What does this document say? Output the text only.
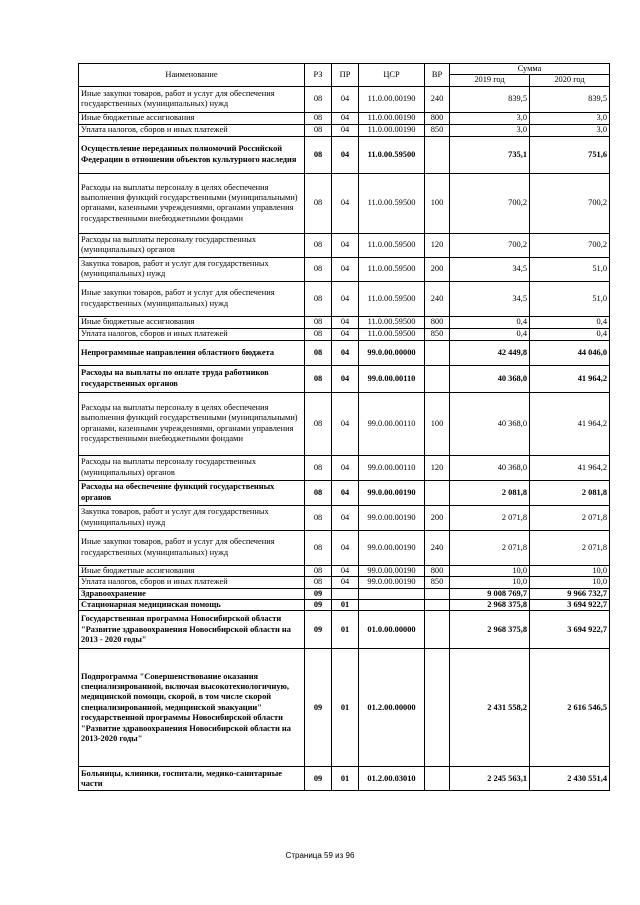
Наименование	РЗ	ПР	ЦСР	ВР	Сумма	
					2019 год	2020 год
Иные закупки товаров, работ и услуг для обеспечения государственных (муниципальных) нужд	08	04	11.0.00.00190	240	839,5	839,5
Иные бюджетные ассигнования	08	04	11.0.00.00190	800	3,0	3,0
Уплата налогов, сборов и иных платежей	08	04	11.0.00.00190	850	3,0	3,0
Осуществление переданных полномочий Российской Федерации в отношении объектов культурного наследия	08	04	11.0.00.59500		735,1	751,6
Расходы на выплаты персоналу в целях обеспечения выполнения функций государственными (муниципальными) органами, казенными учреждениями, органами управления государственными внебюджетными фондами	08	04	11.0.00.59500	100	700,2	700,2
Расходы на выплаты персоналу государственных (муниципальных) органов	08	04	11.0.00.59500	120	700,2	700,2
Закупка товаров, работ и услуг для государственных (муниципальных) нужд	08	04	11.0.00.59500	200	34,5	51,0
Иные закупки товаров, работ и услуг для обеспечения государственных (муниципальных) нужд	08	04	11.0.00.59500	240	34,5	51,0
Иные бюджетные ассигнования	08	04	11.0.00.59500	800	0,4	0,4
Уплата налогов, сборов и иных платежей	08	04	11.0.00.59500	850	0,4	0,4
Непрограммные направления областного бюджета	08	04	99.0.00.00000		42 449,8	44 046,0
Расходы на выплаты по оплате труда работников государственных органов	08	04	99.0.00.00110		40 368,0	41 964,2
Расходы на выплаты персоналу в целях обеспечения выполнения функций государственными (муниципальными) органами, казенными учреждениями, органами управления государственными внебюджетными фондами	08	04	99.0.00.00110	100	40 368,0	41 964,2
Расходы на выплаты персоналу государственных (муниципальных) органов	08	04	99.0.00.00110	120	40 368,0	41 964,2
Расходы на обеспечение функций государственных органов	08	04	99.0.00.00190		2 081,8	2 081,8
Закупка товаров, работ и услуг для государственных (муниципальных) нужд	08	04	99.0.00.00190	200	2 071,8	2 071,8
Иные закупки товаров, работ и услуг для обеспечения государственных (муниципальных) нужд	08	04	99.0.00.00190	240	2 071,8	2 071,8
Иные бюджетные ассигнования	08	04	99.0.00.00190	800	10,0	10,0
Уплата налогов, сборов и иных платежей	08	04	99.0.00.00190	850	10,0	10,0
Здравоохранение	09				9 008 769,7	9 966 732,7
Стационарная медицинская помощь	09	01			2 968 375,8	3 694 922,7
Государственная программа Новосибирской области "Развитие здравоохранения Новосибирской области на 2013 - 2020 годы"	09	01	01.0.00.00000		2 968 375,8	3 694 922,7
Подпрограмма "Совершенствование оказания специализированной, включая высокотехнологичную, медицинской помощи, скорой, в том числе скорой специализированной, медицинской эвакуации" государственной программы Новосибирской области "Развитие здравоохранения Новосибирской области на 2013-2020 годы"	09	01	01.2.00.00000		2 431 558,2	2 616 546,5
Больницы, клиники, госпитали, медико-санитарные части	09	01	01.2.00.03010		2 245 563,1	2 430 551,4
Страница 59 из 96
